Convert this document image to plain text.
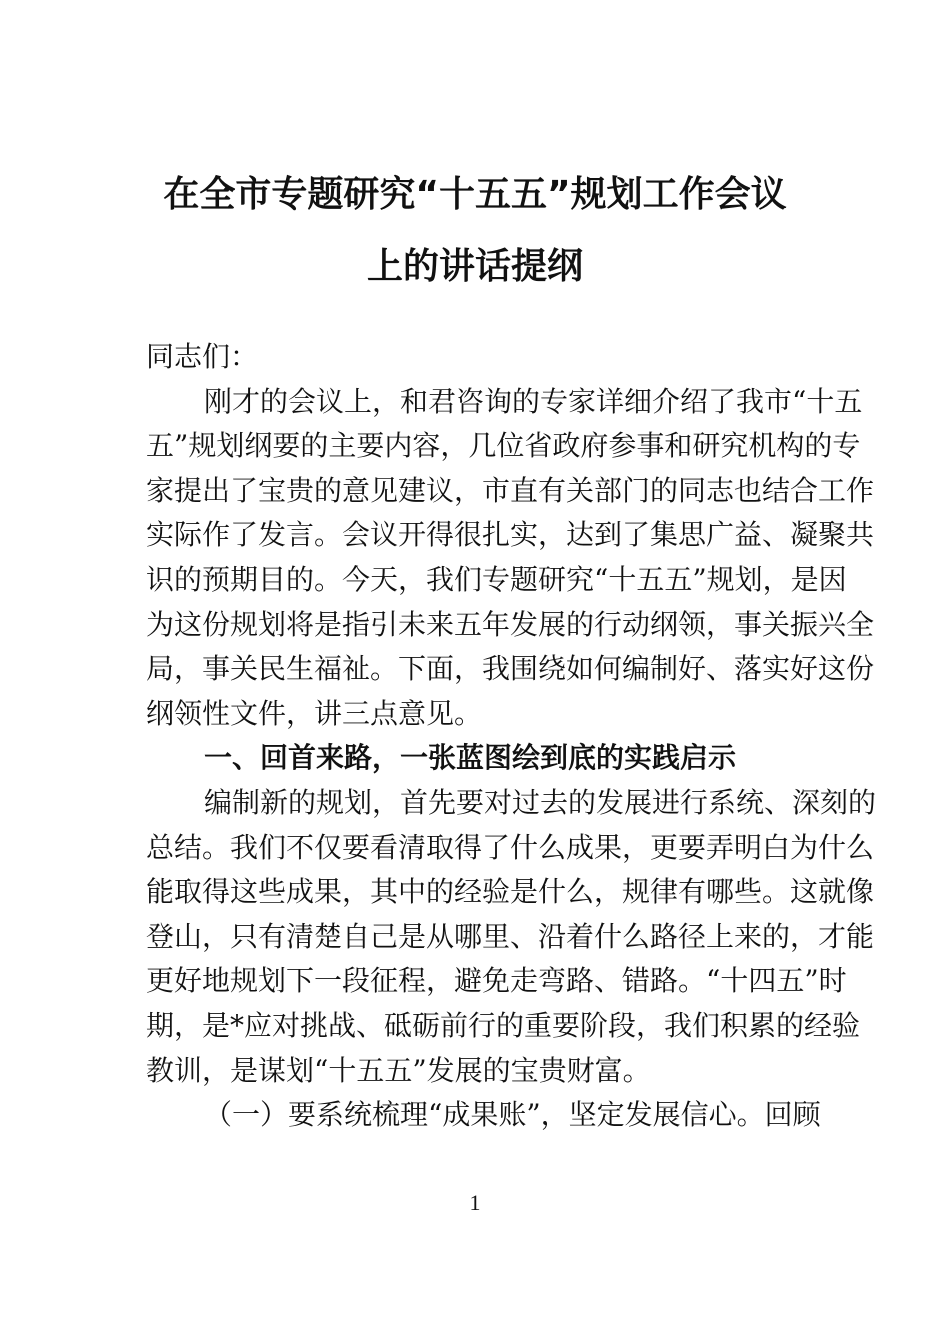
在全市专题研究“十五五”规划工作会议
上的讲话提纲
同志们：
刚才的会议上，和君咨询的专家详细介绍了我市“十五
五”规划纲要的主要内容，几位省政府参事和研究机构的专
家提出了宝贵的意见建议，市直有关部门的同志也结合工作
实际作了发言。会议开得很扎实，达到了集思广益、凝聚共
识的预期目的。今天，我们专题研究“十五五”规划，是因
为这份规划将是指引未来五年发展的行动纲领，事关振兴全
局，事关民生福祉。下面，我围绕如何编制好、落实好这份
纲领性文件，讲三点意见。
一、回首来路，一张蓝图绘到底的实践启示
编制新的规划，首先要对过去的发展进行系统、深刻的
总结。我们不仅要看清取得了什么成果，更要弄明白为什么
能取得这些成果，其中的经验是什么，规律有哪些。这就像
登山，只有清楚自己是从哪里、沿着什么路径上来的，才能
更好地规划下一段征程，避免走弯路、错路。“十四五”时
期，是*应对挑战、砥砺前行的重要阶段，我们积累的经验
教训，是谋划“十五五”发展的宝贵财富。
（一）要系统梳理“成果账”，坚定发展信心。回顾
1
